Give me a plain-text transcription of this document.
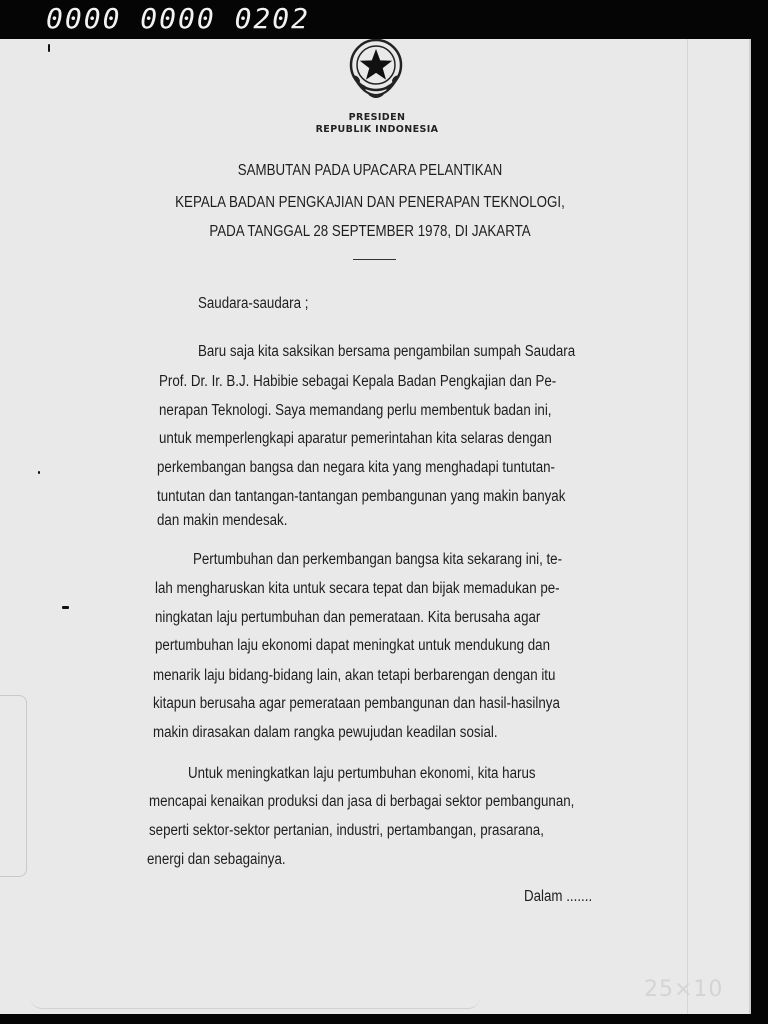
0000 0000 0202
PRESIDEN
REPUBLIK INDONESIA
SAMBUTAN PADA UPACARA PELANTIKAN
KEPALA BADAN PENGKAJIAN DAN PENERAPAN TEKNOLOGI,
PADA TANGGAL 28 SEPTEMBER 1978, DI JAKARTA
Saudara-saudara ;
Baru saja kita saksikan bersama pengambilan sumpah Saudara
Prof. Dr. Ir. B.J. Habibie sebagai Kepala Badan Pengkajian dan Pe-
nerapan Teknologi. Saya memandang perlu membentuk badan ini,
untuk memperlengkapi aparatur pemerintahan kita selaras dengan
perkembangan bangsa dan negara kita yang menghadapi tuntutan-
tuntutan dan tantangan-tantangan pembangunan yang makin banyak
dan makin mendesak.
Pertumbuhan dan perkembangan bangsa kita sekarang ini, te-
lah mengharuskan kita untuk secara tepat dan bijak memadukan pe-
ningkatan laju pertumbuhan dan pemerataan. Kita berusaha agar
pertumbuhan laju ekonomi dapat meningkat untuk mendukung dan
menarik laju bidang-bidang lain, akan tetapi berbarengan dengan itu
kitapun berusaha agar pemerataan pembangunan dan hasil-hasilnya
makin dirasakan dalam rangka pewujudan keadilan sosial.
Untuk meningkatkan laju pertumbuhan ekonomi, kita harus
mencapai kenaikan produksi dan jasa di berbagai sektor pembangunan,
seperti sektor-sektor pertanian, industri, pertambangan, prasarana,
energi dan sebagainya.
Dalam .......
25×10
